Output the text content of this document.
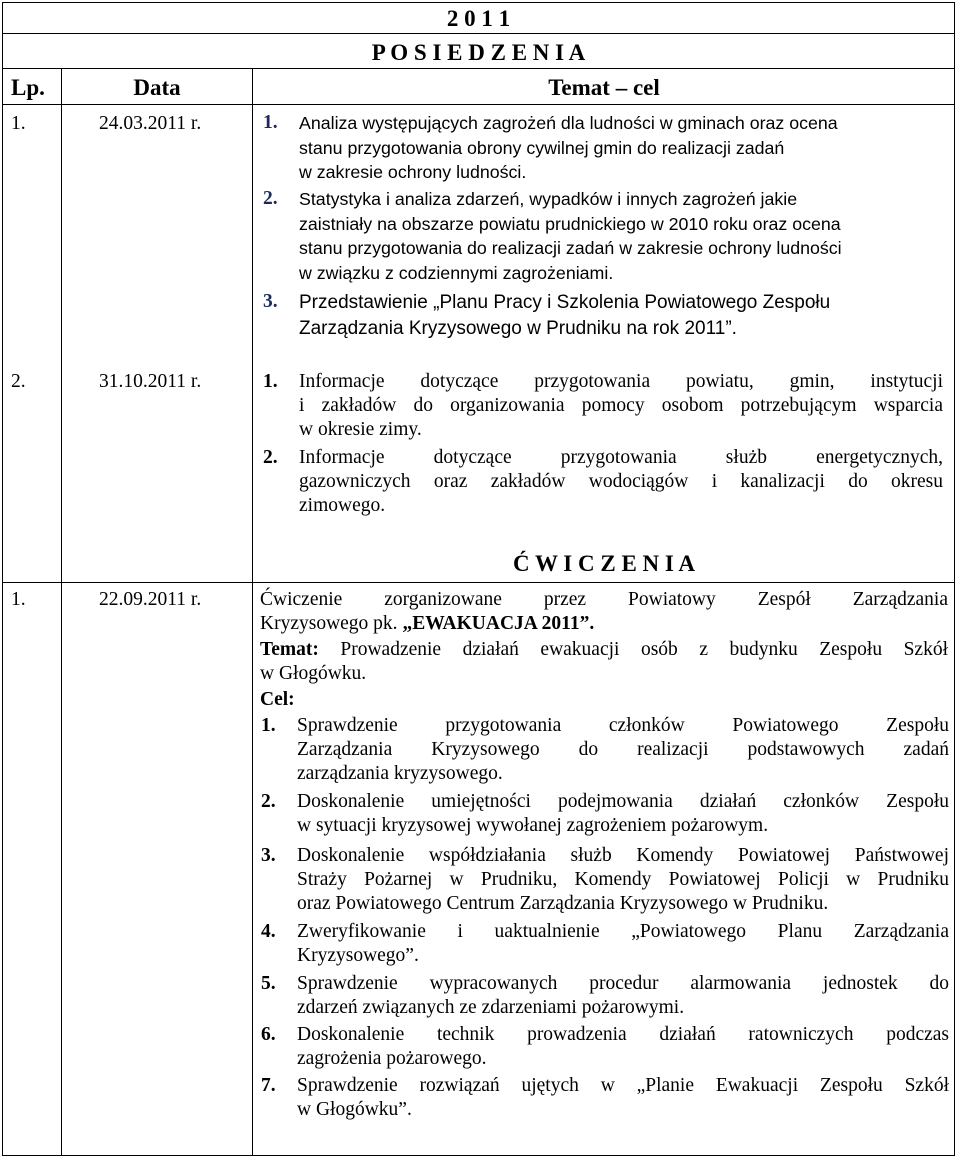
2 0 1 1
P O S I E D Z E N I A
Lp.	Data	Temat – cel
1.	24.03.2011 r.	1. Analiza występujących zagrożeń dla ludności w gminach oraz ocena
stanu przygotowania obrony cywilnej gmin do realizacji zadań
w zakresie ochrony ludności.
2. Statystyka i analiza zdarzeń, wypadków i innych zagrożeń jakie
zaistniały na obszarze powiatu prudnickiego w 2010 roku oraz ocena
stanu przygotowania do realizacji zadań w zakresie ochrony ludności
w związku z codziennymi zagrożeniami.
3. Przedstawienie „Planu Pracy i Szkolenia Powiatowego Zespołu
Zarządzania Kryzysowego w Prudniku na rok 2011”.
2.	31.10.2011 r.	1. Informacje dotyczące przygotowania powiatu, gmin, instytucji
i zakładów do organizowania pomocy osobom potrzebującym wsparcia
w okresie zimy.
2. Informacje dotyczące przygotowania służb energetycznych,
gazowniczych oraz zakładów wodociągów i kanalizacji do okresu
zimowego.
Ć W I C Z E N I A
1.	22.09.2011 r.	Ćwiczenie zorganizowane przez Powiatowy Zespół Zarządzania
Kryzysowego pk. „EWAKUACJA 2011”.
Temat: Prowadzenie działań ewakuacji osób z budynku Zespołu Szkół
w Głogówku.
Cel:
1. Sprawdzenie przygotowania członków Powiatowego Zespołu
Zarządzania Kryzysowego do realizacji podstawowych zadań
zarządzania kryzysowego.
2. Doskonalenie umiejętności podejmowania działań członków Zespołu
w sytuacji kryzysowej wywołanej zagrożeniem pożarowym.
3. Doskonalenie współdziałania służb Komendy Powiatowej Państwowej
Straży Pożarnej w Prudniku, Komendy Powiatowej Policji w Prudniku
oraz Powiatowego Centrum Zarządzania Kryzysowego w Prudniku.
4. Zweryfikowanie i uaktualnienie „Powiatowego Planu Zarządzania
Kryzysowego”.
5. Sprawdzenie wypracowanych procedur alarmowania jednostek do
zdarzeń związanych ze zdarzeniami pożarowymi.
6. Doskonalenie technik prowadzenia działań ratowniczych podczas
zagrożenia pożarowego.
7. Sprawdzenie rozwiązań ujętych w „Planie Ewakuacji Zespołu Szkół
w Głogówku”.
